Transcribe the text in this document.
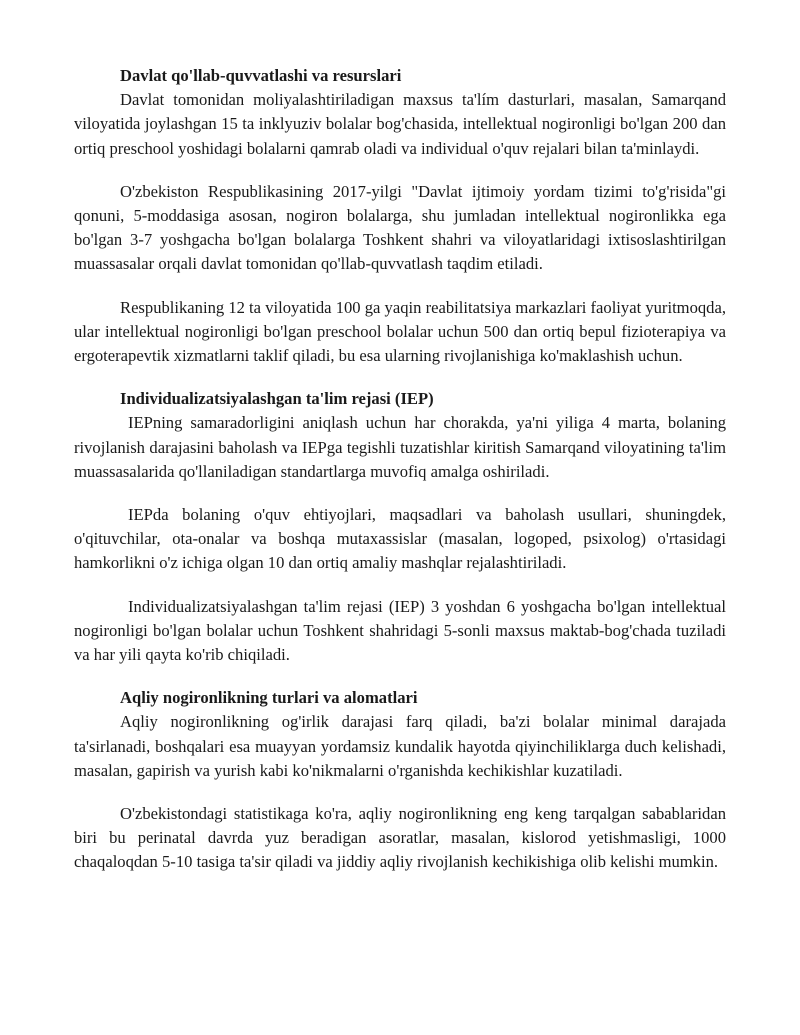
Davlat qo'llab-quvvatlashi va resurslari

Davlat tomonidan moliyalashtiriladigan maxsus ta'lím dasturlari, masalan, Samarqand viloyatida joylashgan 15 ta inklyuziv bolalar bog'chasida, intellektual nogironligi bo'lgan 200 dan ortiq preschool yoshidagi bolalarni qamrab oladi va individual o'quv rejalari bilan ta'minlaydi.

O'zbekiston Respublikasining 2017-yilgi "Davlat ijtimoiy yordam tizimi to'g'risida"gi qonuni, 5-moddasiga asosan, nogiron bolalarga, shu jumladan intellektual nogironlikka ega bo'lgan 3-7 yoshgacha bo'lgan bolalarga Toshkent shahri va viloyatlaridagi ixtisoslashtirilgan muassasalar orqali davlat tomonidan qo'llab-quvvatlash taqdim etiladi.

Respublikaning 12 ta viloyatida 100 ga yaqin reabilitatsiya markazlari faoliyat yuritmoqda, ular intellektual nogironligi bo'lgan preschool bolalar uchun 500 dan ortiq bepul fizioterapiya va ergoterapevtik xizmatlarni taklif qiladi, bu esa ularning rivojlanishiga ko'maklashish uchun.

Individualizatsiyalashgan ta'lim rejasi (IEP)

IEPning samaradorligini aniqlash uchun har chorakda, ya'ni yiliga 4 marta, bolaning rivojlanish darajasini baholash va IEPga tegishli tuzatishlar kiritish Samarqand viloyatining ta'lim muassasalarida qo'llaniladigan standartlarga muvofiq amalga oshiriladi.

IEPda bolaning o'quv ehtiyojlari, maqsadlari va baholash usullari, shuningdek, o'qituvchilar, ota-onalar va boshqa mutaxassislar (masalan, logoped, psixolog) o'rtasidagi hamkorlikni o'z ichiga olgan 10 dan ortiq amaliy mashqlar rejalashtiriladi.

Individualizatsiyalashgan ta'lim rejasi (IEP) 3 yoshdan 6 yoshgacha bo'lgan intellektual nogironligi bo'lgan bolalar uchun Toshkent shahridagi 5-sonli maxsus maktab-bog'chada tuziladi va har yili qayta ko'rib chiqiladi.

Aqliy nogironlikning turlari va alomatlari

Aqliy nogironlikning og'irlik darajasi farq qiladi, ba'zi bolalar minimal darajada ta'sirlanadi, boshqalari esa muayyan yordamsiz kundalik hayotda qiyinchiliklarga duch kelishadi, masalan, gapirish va yurish kabi ko'nikmalarni o'rganishda kechikishlar kuzatiladi.

O'zbekistondagi statistikaga ko'ra, aqliy nogironlikning eng keng tarqalgan sabablaridan biri bu perinatal davrda yuz beradigan asoratlar, masalan, kislorod yetishmasligi, 1000 chaqaloqdan 5-10 tasiga ta'sir qiladi va jiddiy aqliy rivojlanish kechikishiga olib kelishi mumkin.
